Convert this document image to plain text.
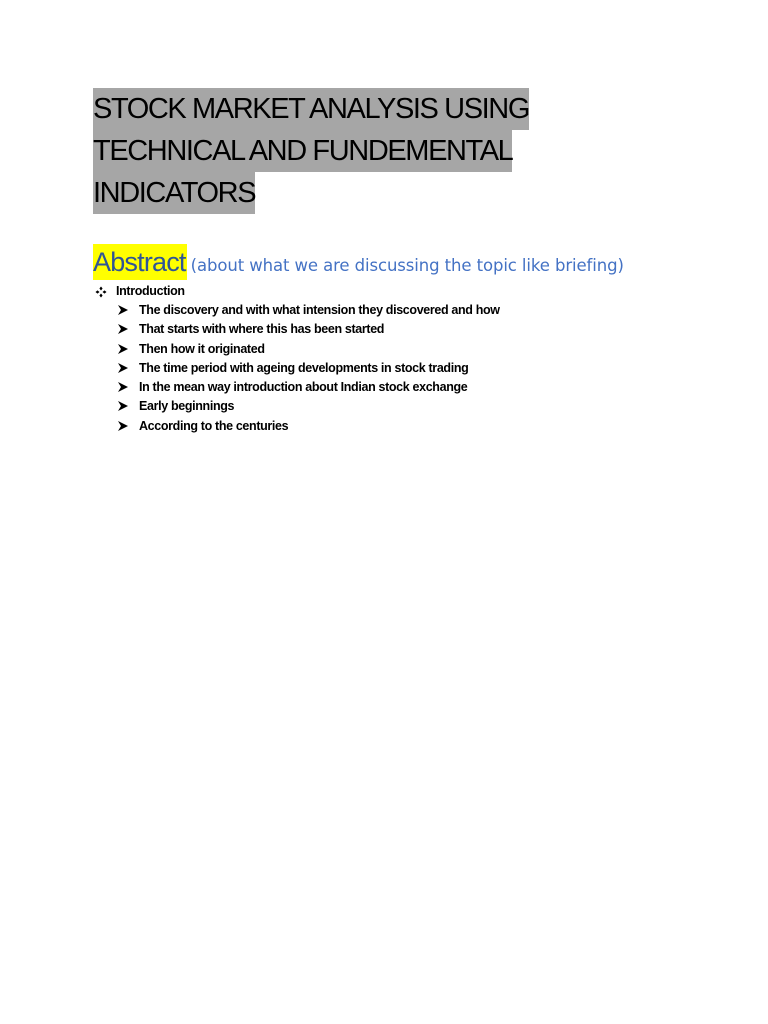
STOCK MARKET ANALYSIS USING
TECHNICAL AND FUNDEMENTAL
INDICATORS
Abstract (about what we are discussing the topic like briefing)
Introduction
The discovery and with what intension they discovered and how
That starts with where this has been started
Then how it originated
The time period with ageing developments in stock trading
In the mean way introduction about Indian stock exchange
Early beginnings
According to the centuries
